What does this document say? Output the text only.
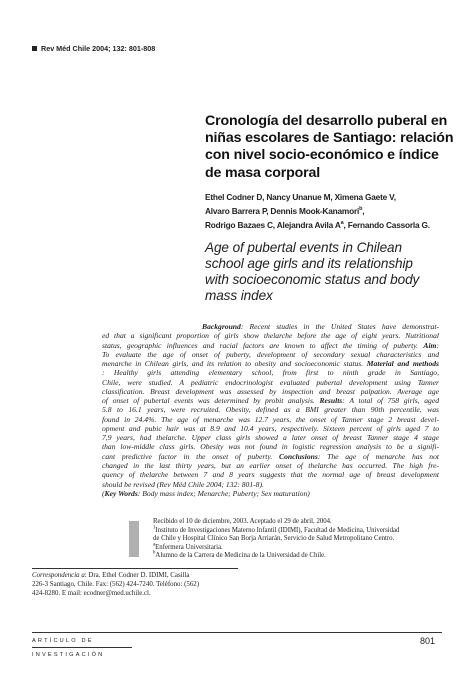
Rev Méd Chile 2004; 132: 801-808
Cronología del desarrollo puberal en
niñas escolares de Santiago: relación
con nivel socio-económico e índice
de masa corporal
Ethel Codner D, Nancy Unanue M, Ximena Gaete V,
Alvaro Barrera P, Dennis Mook-Kanamori$^b$,
Rodrigo Bazaes C, Alejandra Avila $A^a$, Fernando Cassorla G.
Age of pubertal events in Chilean
school age girls and its relationship
with socioeconomic status and body
mass index
Background: Recent studies in the United States have demonstrat-
ed that a significant proportion of girls show thelarche before the age of eight years. Nutritional
status, geographic influences and racial factors are known to affect the timing of puberty. Aim:
To evaluate the age of onset of puberty, development of secondary sexual characteristics and
menarche in Chilean girls, and its relation to obesity and socioeconomic status. Material and methods
: Healthy girls attending elementary school, from first to ninth grade in Santiago,
Chile, were studied. A pediatric endocrinologist evaluated pubertal development using Tanner
classification. Breast development was assessed by inspection and breast palpation. Average age
of onset of pubertal events was determined by probit analysis. Results: A total of 758 girls, aged
5.8 to 16.1 years, were recruited. Obesity, defined as a BMI greater than 90th percentile, was
found in 24.4%. The age of menarche was 12.7 years, the onset of Tanner stage 2 breast devel-
opment and pubic hair was at 8.9 and 10.4 years, respectively. Sixteen percent of girls aged 7 to
7,9 years, had thelarche. Upper class girls showed a later onset of breast Tanner stage 4 stage
than low-middle class girls. Obesity was not found in logistic regression analysis to be a signifi-
cant predictive factor in the onset of puberty. Conclusions: The age of menarche has not
changed in the last thirty years, but an earlier onset of thelarche has occurred. The high fre-
quency of thelarche between 7 and 8 years suggests that the normal age of breast development
should be revised (Rev Méd Chile 2004; 132: 801-8).
(Key Words: Body mass index; Menarche; Puberty; Sex maturation)
Recibido el 10 de diciembre, 2003. Aceptado el 29 de abril, 2004.
$^1$Instituto de Investigaciones Materno Infantil (IDIMI), Facultad de Medicina, Universidad
de Chile y Hospital Clínico San Borja Arriarán, Servicio de Salud Metropolitano Centro.
$^a$Enfermera Universitaria.
$^b$Alumno de la Carrera de Medicina de la Universidad de Chile.
Correspondencia a: Dra. Ethel Codner D. IDIMI, Casilla
226-3 Santiago, Chile. Fax: (562) 424-7240. Teléfono: (562)
424-8280. E mail: ecodner@med.uchile.cl.
ARTÍCULO DE
INVESTIGACIÓN
801
